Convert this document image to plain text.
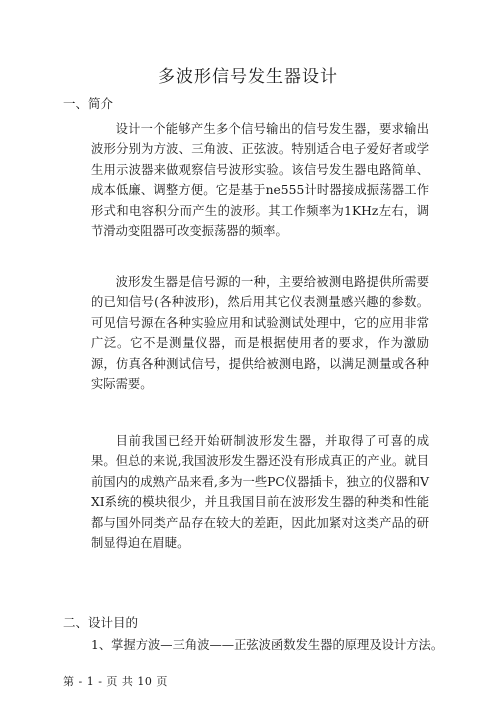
多波形信号发生器设计
一、简介

设计一个能够产生多个信号输出的信号发生器，要求输出波形分别为方波、三角波、正弦波。特别适合电子爱好者或学生用示波器来做观察信号波形实验。该信号发生器电路简单、成本低廉、调整方便。它是基于ne555计时器接成振荡器工作形式和电容积分而产生的波形。其工作频率为1KHz左右，调节滑动变阻器可改变振荡器的频率。

波形发生器是信号源的一种，主要给被测电路提供所需要的已知信号(各种波形)，然后用其它仪表测量感兴趣的参数。可见信号源在各种实验应用和试验测试处理中，它的应用非常广泛。它不是测量仪器，而是根据使用者的要求，作为激励源，仿真各种测试信号，提供给被测电路，以满足测量或各种实际需要。

目前我国已经开始研制波形发生器，并取得了可喜的成果。但总的来说,我国波形发生器还没有形成真正的产业。就目前国内的成熟产品来看,多为一些PC仪器插卡，独立的仪器和VXI系统的模块很少，并且我国目前在波形发生器的种类和性能都与国外同类产品存在较大的差距，因此加紧对这类产品的研制显得迫在眉睫。

二、设计目的

1、掌握方波—三角波——正弦波函数发生器的原理及设计方法。

第 - 1 - 页 共 10 页
